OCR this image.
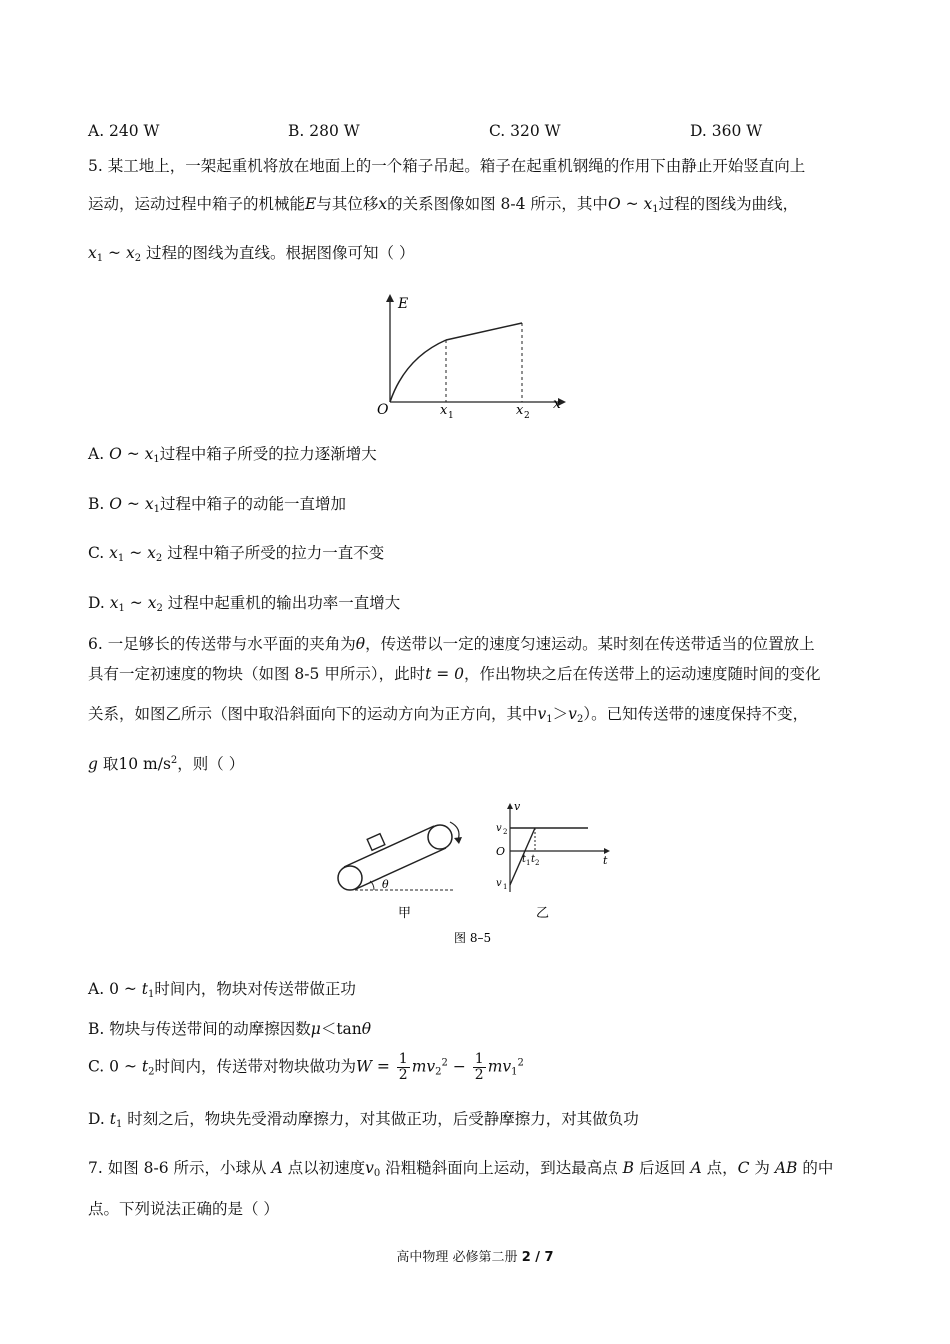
A. 240 W	B. 280 W	C. 320 W	D. 360 W
5. 某工地上，一架起重机将放在地面上的一个箱子吊起。箱子在起重机钢绳的作用下由静止开始竖直向上
运动，运动过程中箱子的机械能E与其位移x的关系图像如图 8-4 所示，其中O ~ $x_1$过程的图线为曲线，
$x_1$ ~ $x_2$ 过程的图线为直线。根据图像可知（ ）
E
x
O	x 1	x 2
A. O ~ $x_1$过程中箱子所受的拉力逐渐增大
B. O ~ $x_1$过程中箱子的动能一直增加
C. $x_1$ ~ $x_2$ 过程中箱子所受的拉力一直不变
D. $x_1$ ~ $x_2$ 过程中起重机的输出功率一直增大
6. 一足够长的传送带与水平面的夹角为θ，传送带以一定的速度匀速运动。某时刻在传送带适当的位置放上
具有一定初速度的物块（如图 8-5 甲所示），此时t = 0，作出物块之后在传送带上的运动速度随时间的变化
关系，如图乙所示（图中取沿斜面向下的运动方向为正方向，其中$v_1>v_2$）。已知传送带的速度保持不变，
g 取10 $m/s^2$，则（ ）
θ
甲
v
t
O
v 2
v 1
t 1 t 2
乙
图 8–5
A. 0 ~ $t_1$时间内，物块对传送带做正功
B. 物块与传送带间的动摩擦因数μ＜tanθ
C. 0 ~ $t_2$时间内，传送带对物块做功为$W = \frac{1}{2} mv_2^2 - \frac{1}{2} mv_1^2$
D. $t_1$ 时刻之后，物块先受滑动摩擦力，对其做正功，后受静摩擦力，对其做负功
7. 如图 8-6 所示，小球从 A 点以初速度$v_0$ 沿粗糙斜面向上运动，到达最高点 B 后返回 A 点，C 为 AB 的中
点。下列说法正确的是（ ）
高中物理 必修第二册 2 / 7
